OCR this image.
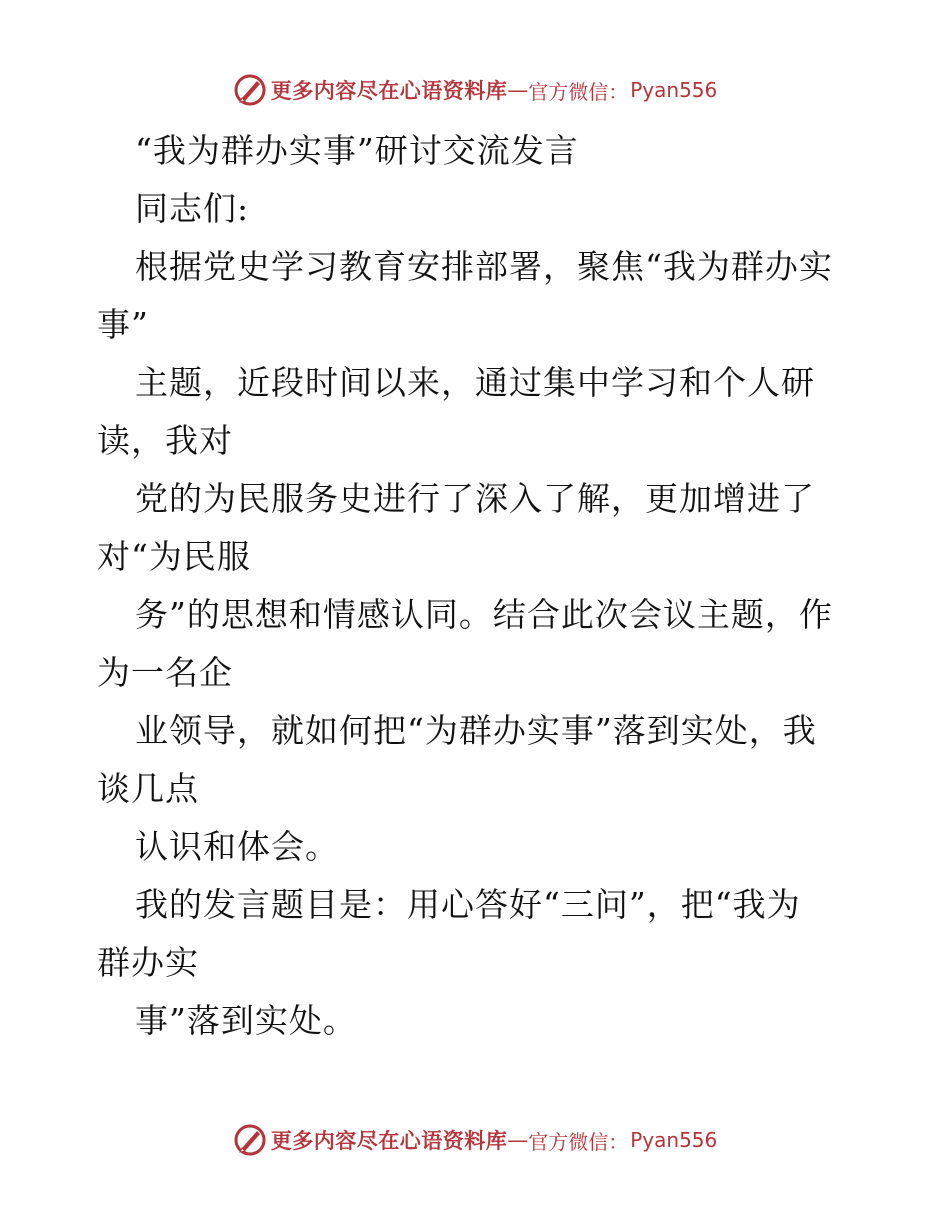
更多内容尽在心语资料库 — 官方微信： Pyan556
“我为群办实事”研讨交流发言
同志们:
根据党史学习教育安排部署，聚焦“我为群办实
事”
主题，近段时间以来，通过集中学习和个人研
读，我对
党的为民服务史进行了深入了解，更加增进了
对“为民服
务”的思想和情感认同。结合此次会议主题，作
为一名企
业领导，就如何把“为群办实事”落到实处，我
谈几点
认识和体会。
我的发言题目是：用心答好“三问”，把“我为
群办实
事”落到实处。
更多内容尽在心语资料库 — 官方微信： Pyan556
